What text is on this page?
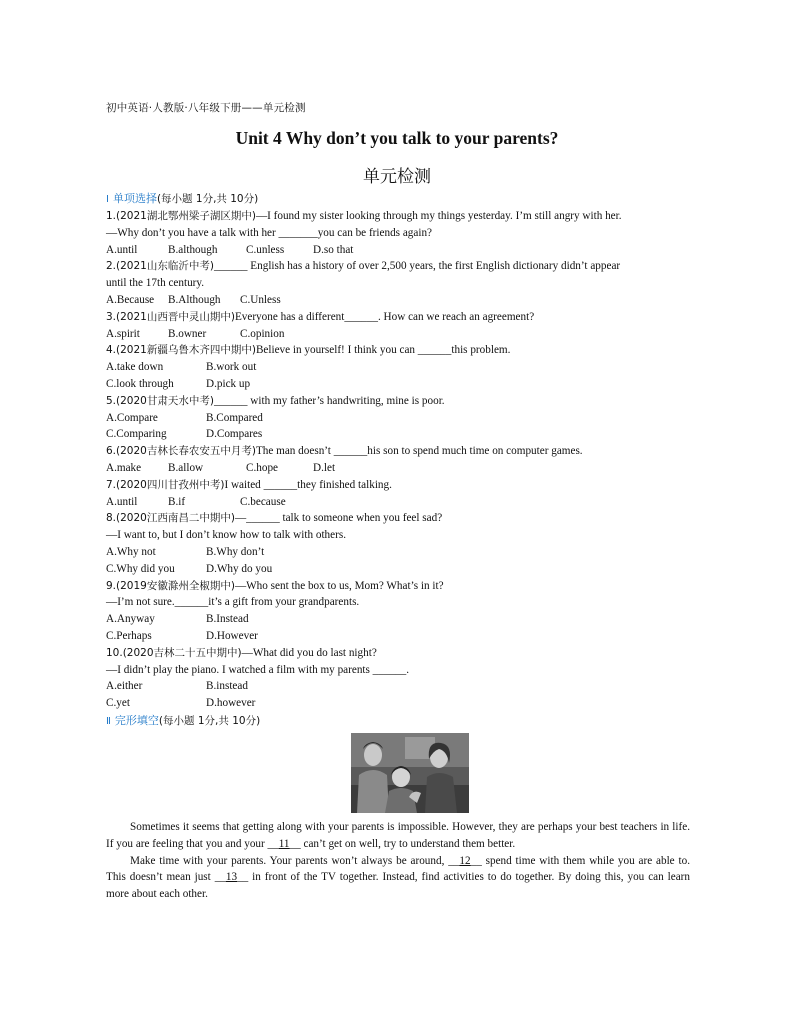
初中英语·人教版·八年级下册——单元检测
Unit 4 Why don’t you talk to your parents?
单元检测
Ⅰ 单项选择(每小题 1分,共 10分)
1.(2021湖北鄂州梁子湖区期中)—I found my sister looking through my things yesterday. I’m still angry with her.
—Why don’t you have a talk with her _______you can be friends again?
A.until	B.although	C.unless	D.so that
2.(2021山东临沂中考)______ English has a history of over 2,500 years, the first English dictionary didn’t appear
until the 17th century.
A.Because	B.Although	C.Unless
3.(2021山西晋中灵山期中)Everyone has a different______. How can we reach an agreement?
A.spirit	B.owner	C.opinion
4.(2021新疆乌鲁木齐四中期中)Believe in yourself! I think you can ______this problem.
A.take down	B.work out
C.look through	D.pick up
5.(2020甘肃天水中考)______ with my father’s handwriting, mine is poor.
A.Compare	B.Compared
C.Comparing	D.Compares
6.(2020吉林长春农安五中月考)The man doesn’t ______his son to spend much time on computer games.
A.make	B.allow	C.hope	D.let
7.(2020四川甘孜州中考)I waited ______they finished talking.
A.until	B.if	C.because
8.(2020江西南昌二中期中)—______ talk to someone when you feel sad?
—I want to, but I don’t know how to talk with others.
A.Why not	B.Why don’t
C.Why did you	D.Why do you
9.(2019安徽滁州全椒期中)—Who sent the box to us, Mom? What’s in it?
—I’m not sure.______it’s a gift from your grandparents.
A.Anyway	B.Instead
C.Perhaps	D.However
10.(2020吉林二十五中期中)—What did you do last night?
—I didn’t play the piano. I watched a film with my parents ______.
A.either	B.instead
C.yet	D.however
Ⅱ 完形填空(每小题 1分,共 10分)

Sometimes it seems that getting along with your parents is impossible. However, they are perhaps your best teachers in life. If you are feeling that you and your __11__ can’t get on well, try to understand them better.

Make time with your parents. Your parents won’t always be around, __12__ spend time with them while you are able to. This doesn’t mean just __13__ in front of the TV together. Instead, find activities to do together. By doing this, you can learn more about each other.
